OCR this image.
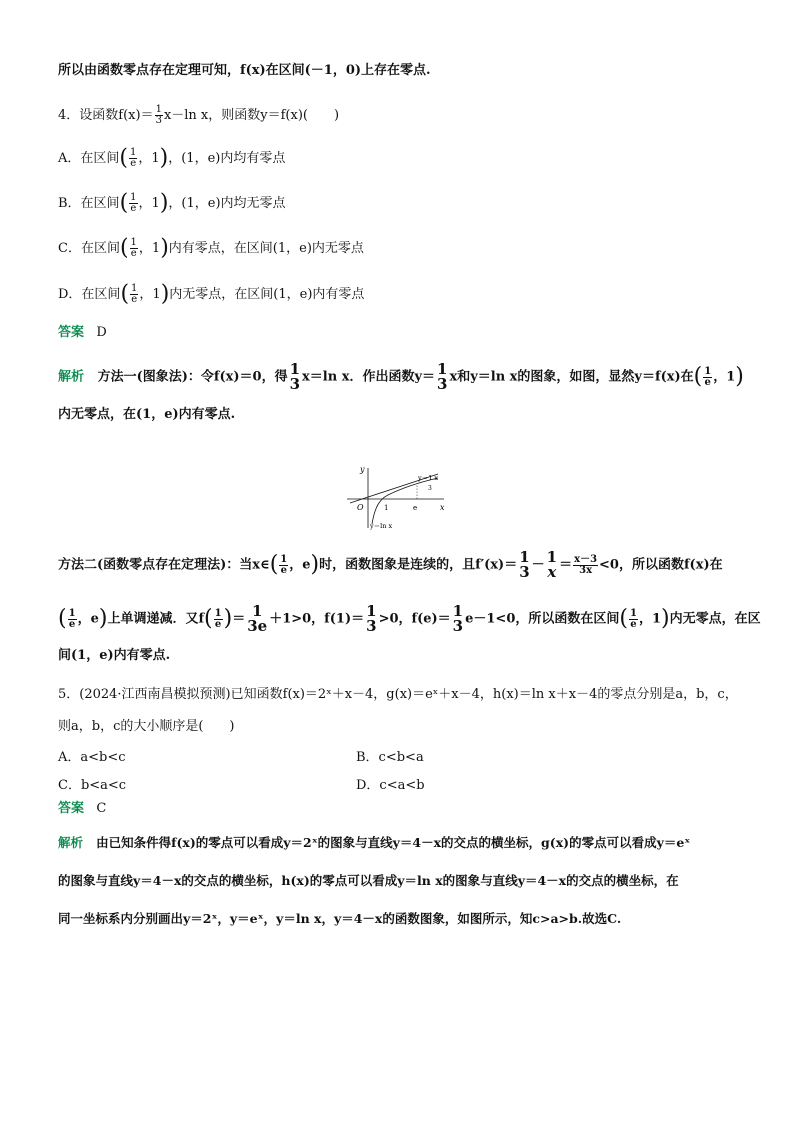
所以由函数零点存在定理可知，f(x)在区间(－1，0)上存在零点.
4．设函数$f(x)= \frac{1}{3} x-\ln$ x，则函数y＝f(x)(　　)
A．在区间( $\frac{1}{e}$ ，1)，(1，e)内均有零点
B．在区间( $\frac{1}{e}$ ，1)，(1，e)内均无零点
C．在区间( $\frac{1}{e}$ ，1)内有零点，在区间(1，e)内无零点
D．在区间( $\frac{1}{e}$ ，1)内无零点，在区间(1，e)内有零点
答案 D
解析 方法一(图象法)：令f(x)＝0，得 1
3 x＝ln x．作出函数y＝ 1
3 x和y＝ln x的图象，如图，显然y＝f(x)在( $\frac{1}{e}$ ，1)
内无零点，在(1，e)内有零点.
y
x
O	1	e
y＝1 x
3
y＝ln x
方法二(函数零点存在定理法)：当x∈( $\frac{1}{e}$ ，e)时，函数图象是连续的，且f′(x)＝ 1
3 － 1
$x = \frac{x-3}{3x} <0$，所以函数f(x)在
( $\frac{1}{e}$ ，e)上单调递减．又$f( \frac{1}{e}$ )＝ 1
3e ＋1>0，f(1)＝ 1
3 >0，f(e)＝ 1
3 e－1<0，所以函数在区间( $\frac{1}{e}$ ，1)内无零点，在区
间(1，e)内有零点.
5．(2024·江西南昌模拟预测)已知函数f(x)＝2ˣ＋x－4，g(x)＝eˣ＋x－4，h(x)＝ln x＋x－4的零点分别是a，b，c，
则a，b，c的大小顺序是(　　)
A．a<b<c	B．c<b<a
C．b<a<c	D．c<a<b
答案 C
解析 由已知条件得f(x)的零点可以看成y＝2ˣ的图象与直线y＝4－x的交点的横坐标，g(x)的零点可以看成y＝eˣ
的图象与直线y＝4－x的交点的横坐标，h(x)的零点可以看成y＝ln x的图象与直线y＝4－x的交点的横坐标，在
同一坐标系内分别画出y＝2ˣ，y＝eˣ，y＝ln x，y＝4－x的函数图象，如图所示，知c>a>b.故选C.
